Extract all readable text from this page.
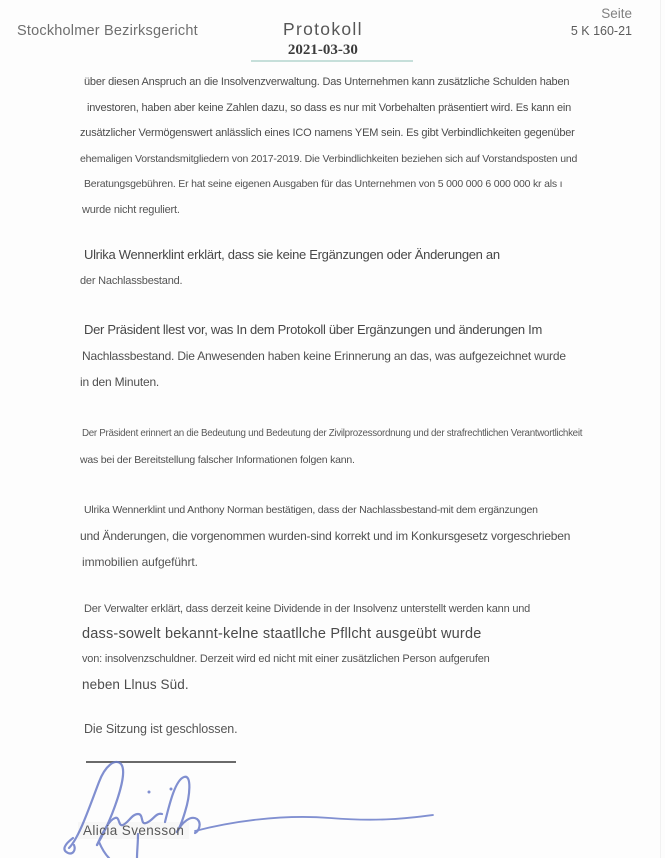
Stockholmer Bezirksgericht	Protokoll
2021-03-30
Seite
5 K 160-21
über diesen Anspruch an die Insolvenzverwaltung. Das Unternehmen kann zusätzliche Schulden haben
investoren, haben aber keine Zahlen dazu, so dass es nur mit Vorbehalten präsentiert wird. Es kann ein
zusätzlicher Vermögenswert anlässlich eines ICO namens YEM sein. Es gibt Verbindlichkeiten gegenüber
ehemaligen Vorstandsmitgliedern von 2017-2019. Die Verbindlichkeiten beziehen sich auf Vorstandsposten und
Beratungsgebühren. Er hat seine eigenen Ausgaben für das Unternehmen von 5 000 000 6 000 000 kr als ı
wurde nicht reguliert.
Ulrika Wennerklint erklärt, dass sie keine Ergänzungen oder Änderungen an
der Nachlassbestand.
Der Präsident llest vor, was In dem Protokoll über Ergänzungen und änderungen Im
Nachlassbestand. Die Anwesenden haben keine Erinnerung an das, was aufgezeichnet wurde
in den Minuten.
Der Präsident erinnert an die Bedeutung und Bedeutung der Zivilprozessordnung und der strafrechtlichen Verantwortlichkeit
was bei der Bereitstellung falscher Informationen folgen kann.
Ulrika Wennerklint und Anthony Norman bestätigen, dass der Nachlassbestand-mit dem ergänzungen
und Änderungen, die vorgenommen wurden-sind korrekt und im Konkursgesetz vorgeschrieben
immobilien aufgeführt.
Der Verwalter erklärt, dass derzeit keine Dividende in der Insolvenz unterstellt werden kann und
dass-sowelt bekannt-kelne staatllche Pfllcht ausgeübt wurde
von: insolvenzschuldner. Derzeit wird ed nicht mit einer zusätzlichen Person aufgerufen
neben Llnus Süd.
Die Sitzung ist geschlossen.
Alicia Svensson
